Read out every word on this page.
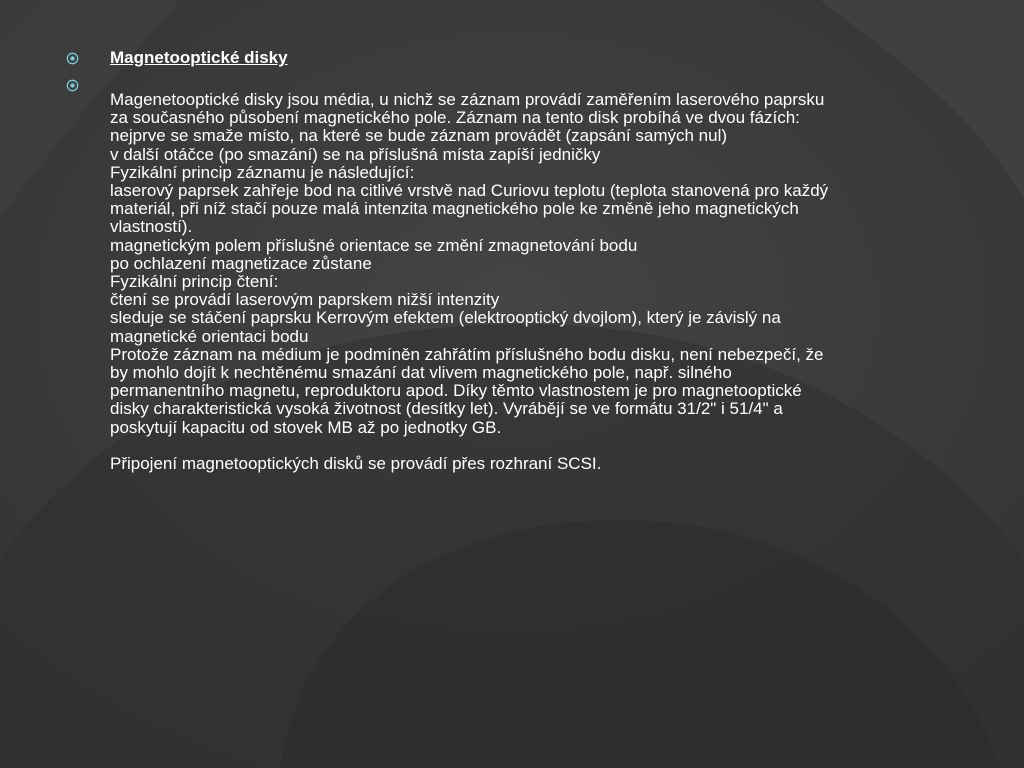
Magnetooptické disky

Magenetooptické disky jsou média, u nichž se záznam provádí zaměřením laserového paprsku
za současného působení magnetického pole. Záznam na tento disk probíhá ve dvou fázích:
nejprve se smaže místo, na které se bude záznam provádět (zapsání samých nul)
v další otáčce (po smazání) se na příslušná místa zapíší jedničky
Fyzikální princip záznamu je následující:
laserový paprsek zahřeje bod na citlivé vrstvě nad Curiovu teplotu (teplota stanovená pro každý
materiál, při níž stačí pouze malá intenzita magnetického pole ke změně jeho magnetických
vlastností).
magnetickým polem příslušné orientace se změní zmagnetování bodu
po ochlazení magnetizace zůstane
Fyzikální princip čtení:
čtení se provádí laserovým paprskem nižší intenzity
sleduje se stáčení paprsku Kerrovým efektem (elektrooptický dvojlom), který je závislý na
magnetické orientaci bodu
Protože záznam na médium je podmíněn zahřátím příslušného bodu disku, není nebezpečí, že
by mohlo dojít k nechtěnému smazání dat vlivem magnetického pole, např. silného
permanentního magnetu, reproduktoru apod. Díky těmto vlastnostem je pro magnetooptické
disky charakteristická vysoká životnost (desítky let). Vyrábějí se ve formátu 31/2" i 51/4" a
poskytují kapacitu od stovek MB až po jednotky GB.
Připojení magnetooptických disků se provádí přes rozhraní SCSI.
